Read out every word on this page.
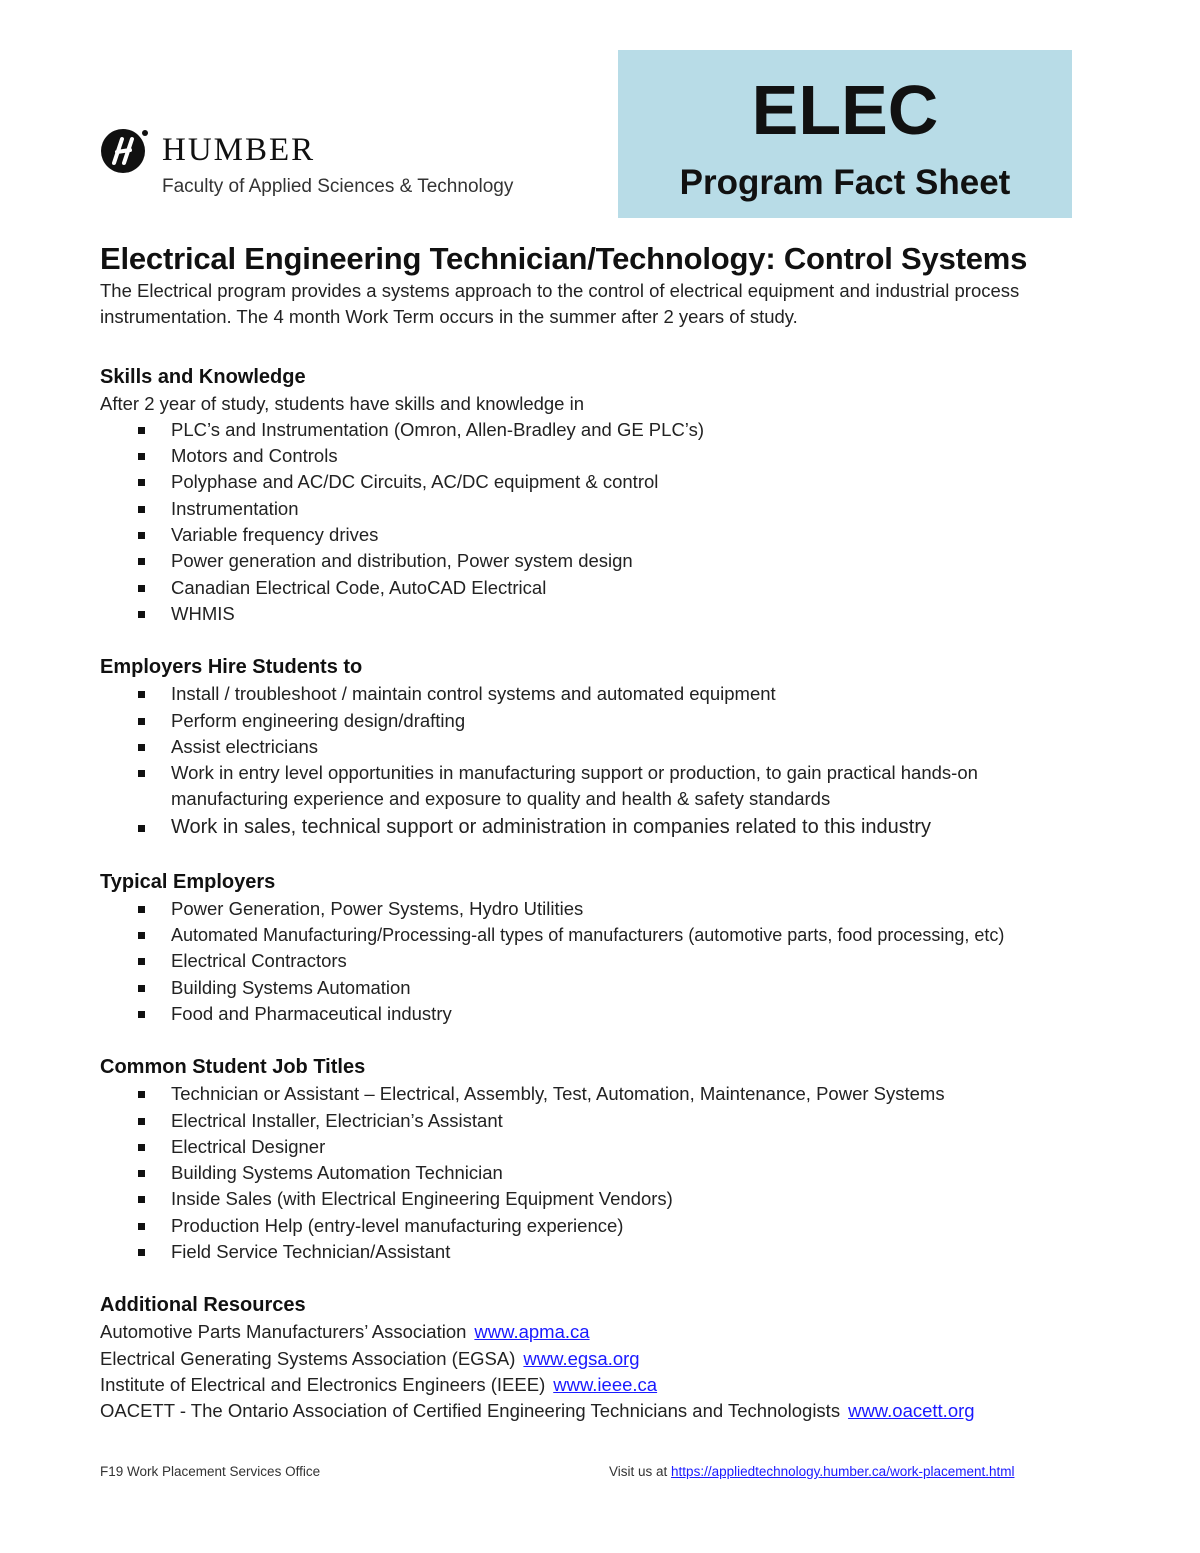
HUMBER
Faculty of Applied Sciences & Technology
ELEC
Program Fact Sheet
Electrical Engineering Technician/Technology: Control Systems

The Electrical program provides a systems approach to the control of electrical equipment and industrial process instrumentation. The 4 month Work Term occurs in the summer after 2 years of study.

Skills and Knowledge

After 2 year of study, students have skills and knowledge in

PLC’s and Instrumentation (Omron, Allen-Bradley and GE PLC’s)
Motors and Controls
Polyphase and AC/DC Circuits, AC/DC equipment & control
Instrumentation
Variable frequency drives
Power generation and distribution, Power system design
Canadian Electrical Code, AutoCAD Electrical
WHMIS
Employers Hire Students to
Install / troubleshoot / maintain control systems and automated equipment
Perform engineering design/drafting
Assist electricians
Work in entry level opportunities in manufacturing support or production, to gain practical hands-on manufacturing experience and exposure to quality and health & safety standards
Work in sales, technical support or administration in companies related to this industry
Typical Employers
Power Generation, Power Systems, Hydro Utilities
Automated Manufacturing/Processing-all types of manufacturers (automotive parts, food processing, etc)
Electrical Contractors
Building Systems Automation
Food and Pharmaceutical industry
Common Student Job Titles
Technician or Assistant – Electrical, Assembly, Test, Automation, Maintenance, Power Systems
Electrical Installer, Electrician’s Assistant
Electrical Designer
Building Systems Automation Technician
Inside Sales (with Electrical Engineering Equipment Vendors)
Production Help (entry-level manufacturing experience)
Field Service Technician/Assistant
Additional Resources
Automotive Parts Manufacturers’ Association www.apma.ca
Electrical Generating Systems Association (EGSA) www.egsa.org
Institute of Electrical and Electronics Engineers (IEEE) www.ieee.ca
OACETT - The Ontario Association of Certified Engineering Technicians and Technologists www.oacett.org
F19 Work Placement Services Office	Visit us at https://appliedtechnology.humber.ca/work-placement.html
